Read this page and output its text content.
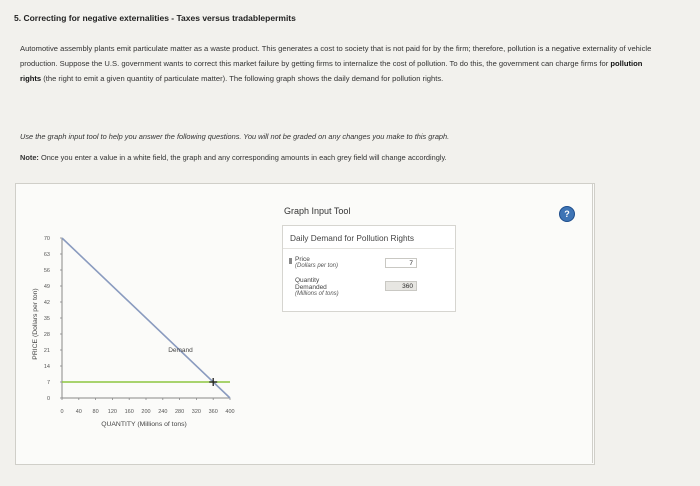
5. Correcting for negative externalities - Taxes versus tradablepermits
Automotive assembly plants emit particulate matter as a waste product. This generates a cost to society that is not paid for by the firm; therefore, pollution is a negative externality of vehicle production. Suppose the U.S. government wants to correct this market failure by getting firms to internalize the cost of pollution. To do this, the government can charge firms for pollution rights (the right to emit a given quantity of particulate matter). The following graph shows the daily demand for pollution rights.
Use the graph input tool to help you answer the following questions. You will not be graded on any changes you make to this graph.
Note: Once you enter a value in a white field, the graph and any corresponding amounts in each grey field will change accordingly.
0
7
14
21
28
35
42
49
56
63
70
0 40 80 120 160 200 240 280 320 360 400
QUANTITY (Millions of tons)
PRICE (Dollars per ton)	Demand
Graph Input Tool	?
Daily Demand for Pollution Rights
Price
(Dollars per ton)	7
Quantity
Demanded
(Millions of tons)
360
